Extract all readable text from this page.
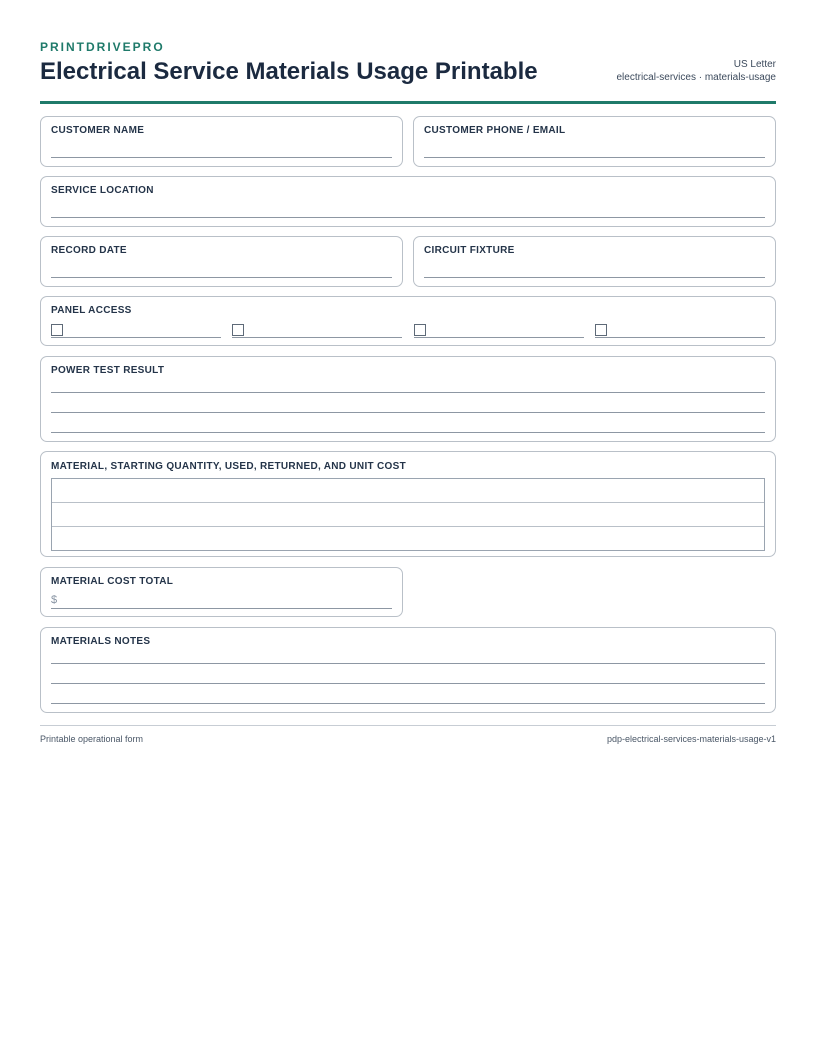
PRINTDRIVEPRO
Electrical Service Materials Usage Printable	US Letter
electrical-services · materials-usage
CUSTOMER NAME	CUSTOMER PHONE / EMAIL
SERVICE LOCATION
RECORD DATE	CIRCUIT FIXTURE
PANEL ACCESS
POWER TEST RESULT
MATERIAL, STARTING QUANTITY, USED, RETURNED, AND UNIT COST
MATERIAL COST TOTAL
$
MATERIALS NOTES
Printable operational form	pdp-electrical-services-materials-usage-v1
